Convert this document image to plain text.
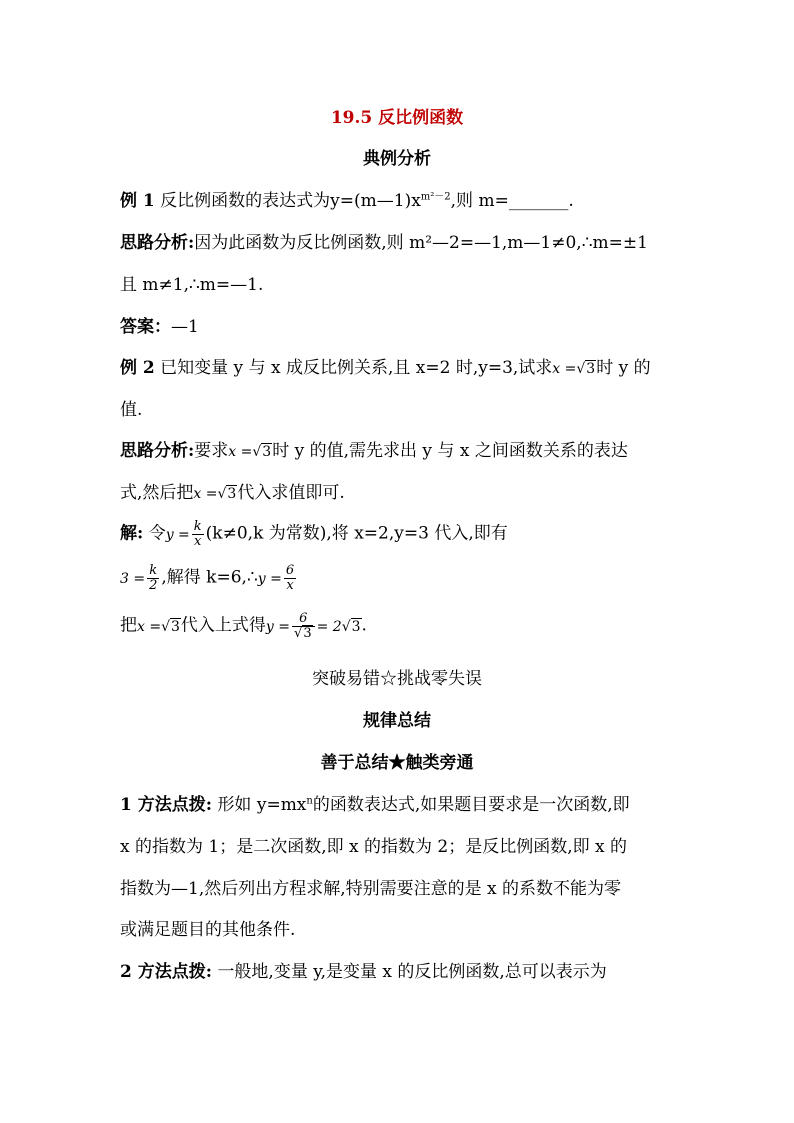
19.5 反比例函数
典例分析
例 1 反比例函数的表达式为$y=(m—1)x^{m^2-2}$,则 m=_______.
思路分析:因为此函数为反比例函数,则 m²—2=—1,m—1≠0,∴m=±1
且 m≠1,∴m=—1.
答案：—1
例 2 已知变量 y 与 x 成反比例关系,且 x=2 时,y=3,试求x =√3时 y 的
值.
思路分析:要求x =√3时 y 的值,需先求出 y 与 x 之间函数关系的表达
式,然后把x =√3代入求值即可.
解: 令$y = \frac{k}{x} (k\ne 0,k$ 为常数),将 x=2,y=3 代入,即有
$3 = \frac{k}{2}$ ,解得 k=6,∴y = $\frac{6}{x}$
把x =√3代入上式得$y = \frac{6}{√3} = 2√3$.
突破易错☆挑战零失误
规律总结
善于总结★触类旁通
1 方法点拨: 形如 $y=mx^n$的函数表达式,如果题目要求是一次函数,即
x 的指数为 1；是二次函数,即 x 的指数为 2；是反比例函数,即 x 的
指数为—1,然后列出方程求解,特别需要注意的是 x 的系数不能为零
或满足题目的其他条件.
2 方法点拨: 一般地,变量 y,是变量 x 的反比例函数,总可以表示为
